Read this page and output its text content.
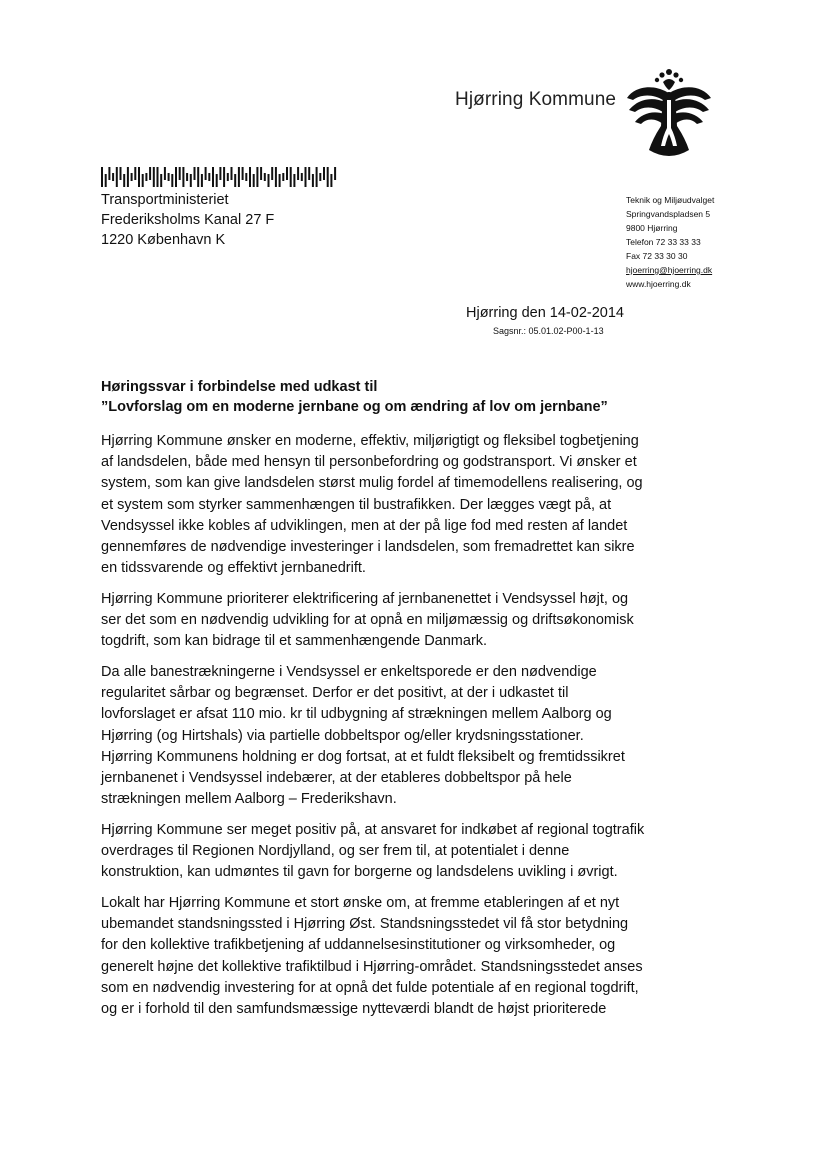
Hjørring Kommune
Transportministeriet
Frederiksholms Kanal 27 F
1220 København K
Teknik og Miljøudvalget
Springvandspladsen 5
9800 Hjørring
Telefon 72 33 33 33
Fax 72 33 30 30
hjoerring@hjoerring.dk
www.hjoerring.dk
Hjørring den 14-02-2014
Sagsnr.: 05.01.02-P00-1-13
Høringssvar i forbindelse med udkast til
”Lovforslag om en moderne jernbane og om ændring af lov om jernbane”
Hjørring Kommune ønsker en moderne, effektiv, miljørigtigt og fleksibel togbetjening
af landsdelen, både med hensyn til personbefordring og godstransport. Vi ønsker et
system, som kan give landsdelen størst mulig fordel af timemodellens realisering, og
et system som styrker sammenhængen til bustrafikken. Der lægges vægt på, at
Vendsyssel ikke kobles af udviklingen, men at der på lige fod med resten af landet
gennemføres de nødvendige investeringer i landsdelen, som fremadrettet kan sikre
en tidssvarende og effektivt jernbanedrift.
Hjørring Kommune prioriterer elektrificering af jernbanenettet i Vendsyssel højt, og
ser det som en nødvendig udvikling for at opnå en miljømæssig og driftsøkonomisk
togdrift, som kan bidrage til et sammenhængende Danmark.
Da alle banestrækningerne i Vendsyssel er enkeltsporede er den nødvendige
regularitet sårbar og begrænset. Derfor er det positivt, at der i udkastet til
lovforslaget er afsat 110 mio. kr til udbygning af strækningen mellem Aalborg og
Hjørring (og Hirtshals) via partielle dobbeltspor og/eller krydsningsstationer.
Hjørring Kommunens holdning er dog fortsat, at et fuldt fleksibelt og fremtidssikret
jernbanenet i Vendsyssel indebærer, at der etableres dobbeltspor på hele
strækningen mellem Aalborg – Frederikshavn.
Hjørring Kommune ser meget positiv på, at ansvaret for indkøbet af regional togtrafik
overdrages til Regionen Nordjylland, og ser frem til, at potentialet i denne
konstruktion, kan udmøntes til gavn for borgerne og landsdelens uvikling i øvrigt.
Lokalt har Hjørring Kommune et stort ønske om, at fremme etableringen af et nyt
ubemandet standsningssted i Hjørring Øst. Standsningsstedet vil få stor betydning
for den kollektive trafikbetjening af uddannelsesinstitutioner og virksomheder, og
generelt højne det kollektive trafiktilbud i Hjørring-området. Standsningsstedet anses
som en nødvendig investering for at opnå det fulde potentiale af en regional togdrift,
og er i forhold til den samfundsmæssige nytteværdi blandt de højst prioriterede
